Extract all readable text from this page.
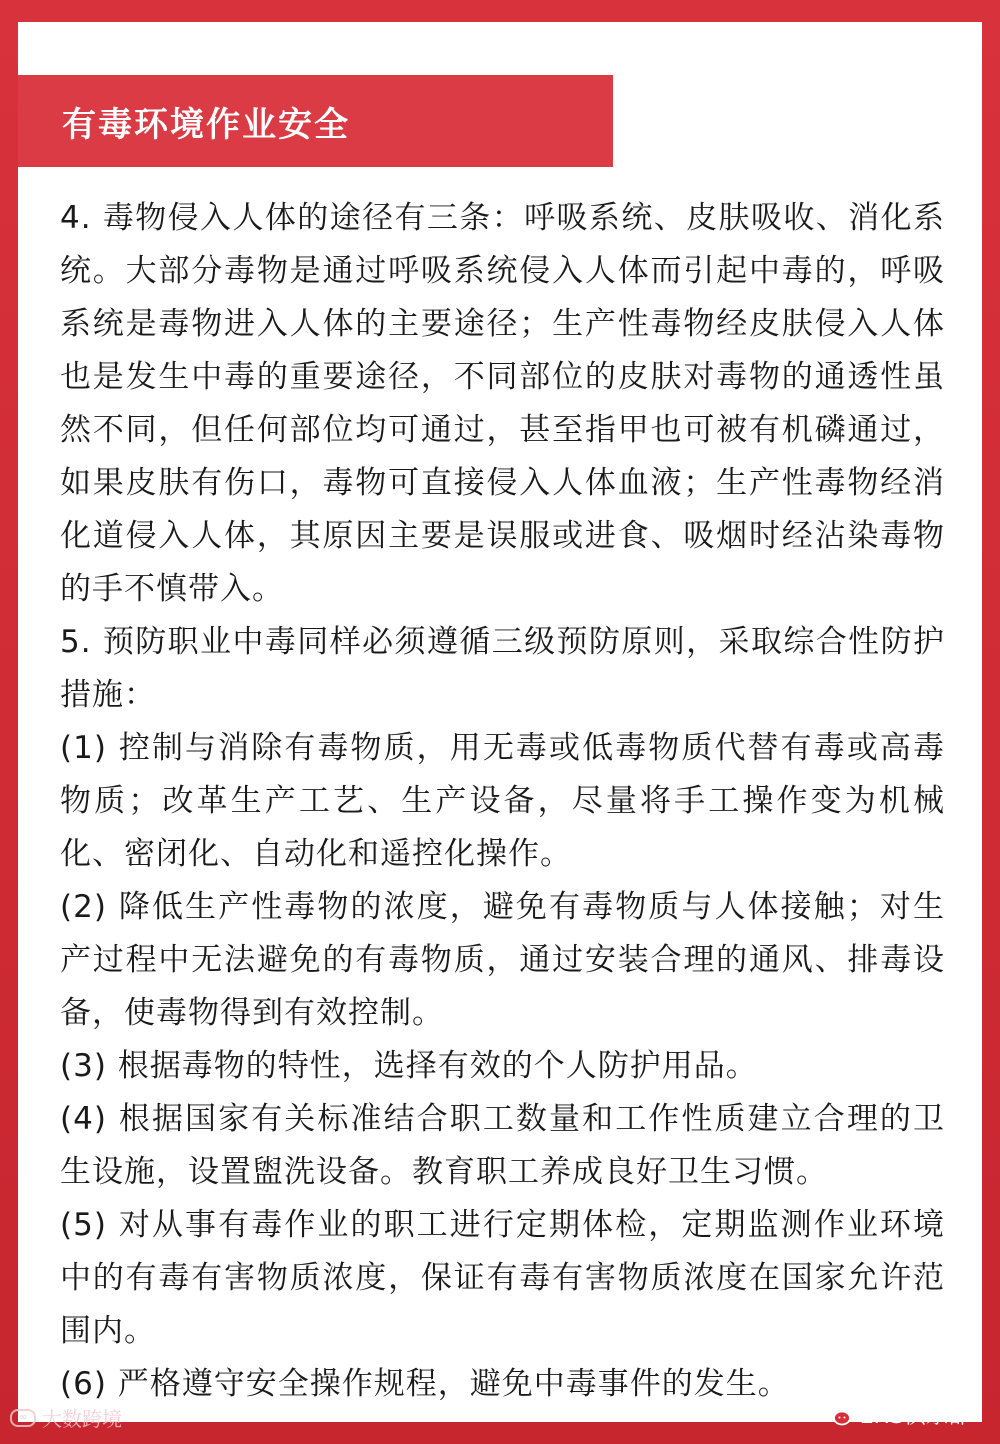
有毒环境作业安全

4. 毒物侵入人体的途径有三条：呼吸系统、皮肤吸收、消化系统。大部分毒物是通过呼吸系统侵入人体而引起中毒的，呼吸系统是毒物进入人体的主要途径；生产性毒物经皮肤侵入人体也是发生中毒的重要途径，不同部位的皮肤对毒物的通透性虽然不同，但任何部位均可通过，甚至指甲也可被有机磷通过，如果皮肤有伤口，毒物可直接侵入人体血液；生产性毒物经消化道侵入人体，其原因主要是误服或进食、吸烟时经沾染毒物的手不慎带入。

5. 预防职业中毒同样必须遵循三级预防原则，采取综合性防护措施：

(1) 控制与消除有毒物质，用无毒或低毒物质代替有毒或高毒物质；改革生产工艺、生产设备，尽量将手工操作变为机械化、密闭化、自动化和遥控化操作。

(2) 降低生产性毒物的浓度，避免有毒物质与人体接触；对生产过程中无法避免的有毒物质，通过安装合理的通风、排毒设备，使毒物得到有效控制。

(3) 根据毒物的特性，选择有效的个人防护用品。

(4) 根据国家有关标准结合职工数量和工作性质建立合理的卫生设施，设置盥洗设备。教育职工养成良好卫生习惯。

(5) 对从事有毒作业的职工进行定期体检，定期监测作业环境中的有毒有害物质浓度，保证有毒有害物质浓度在国家允许范围内。

(6) 严格遵守安全操作规程，避免中毒事件的发生。

∞ 大数跨境	EHS俱乐部
